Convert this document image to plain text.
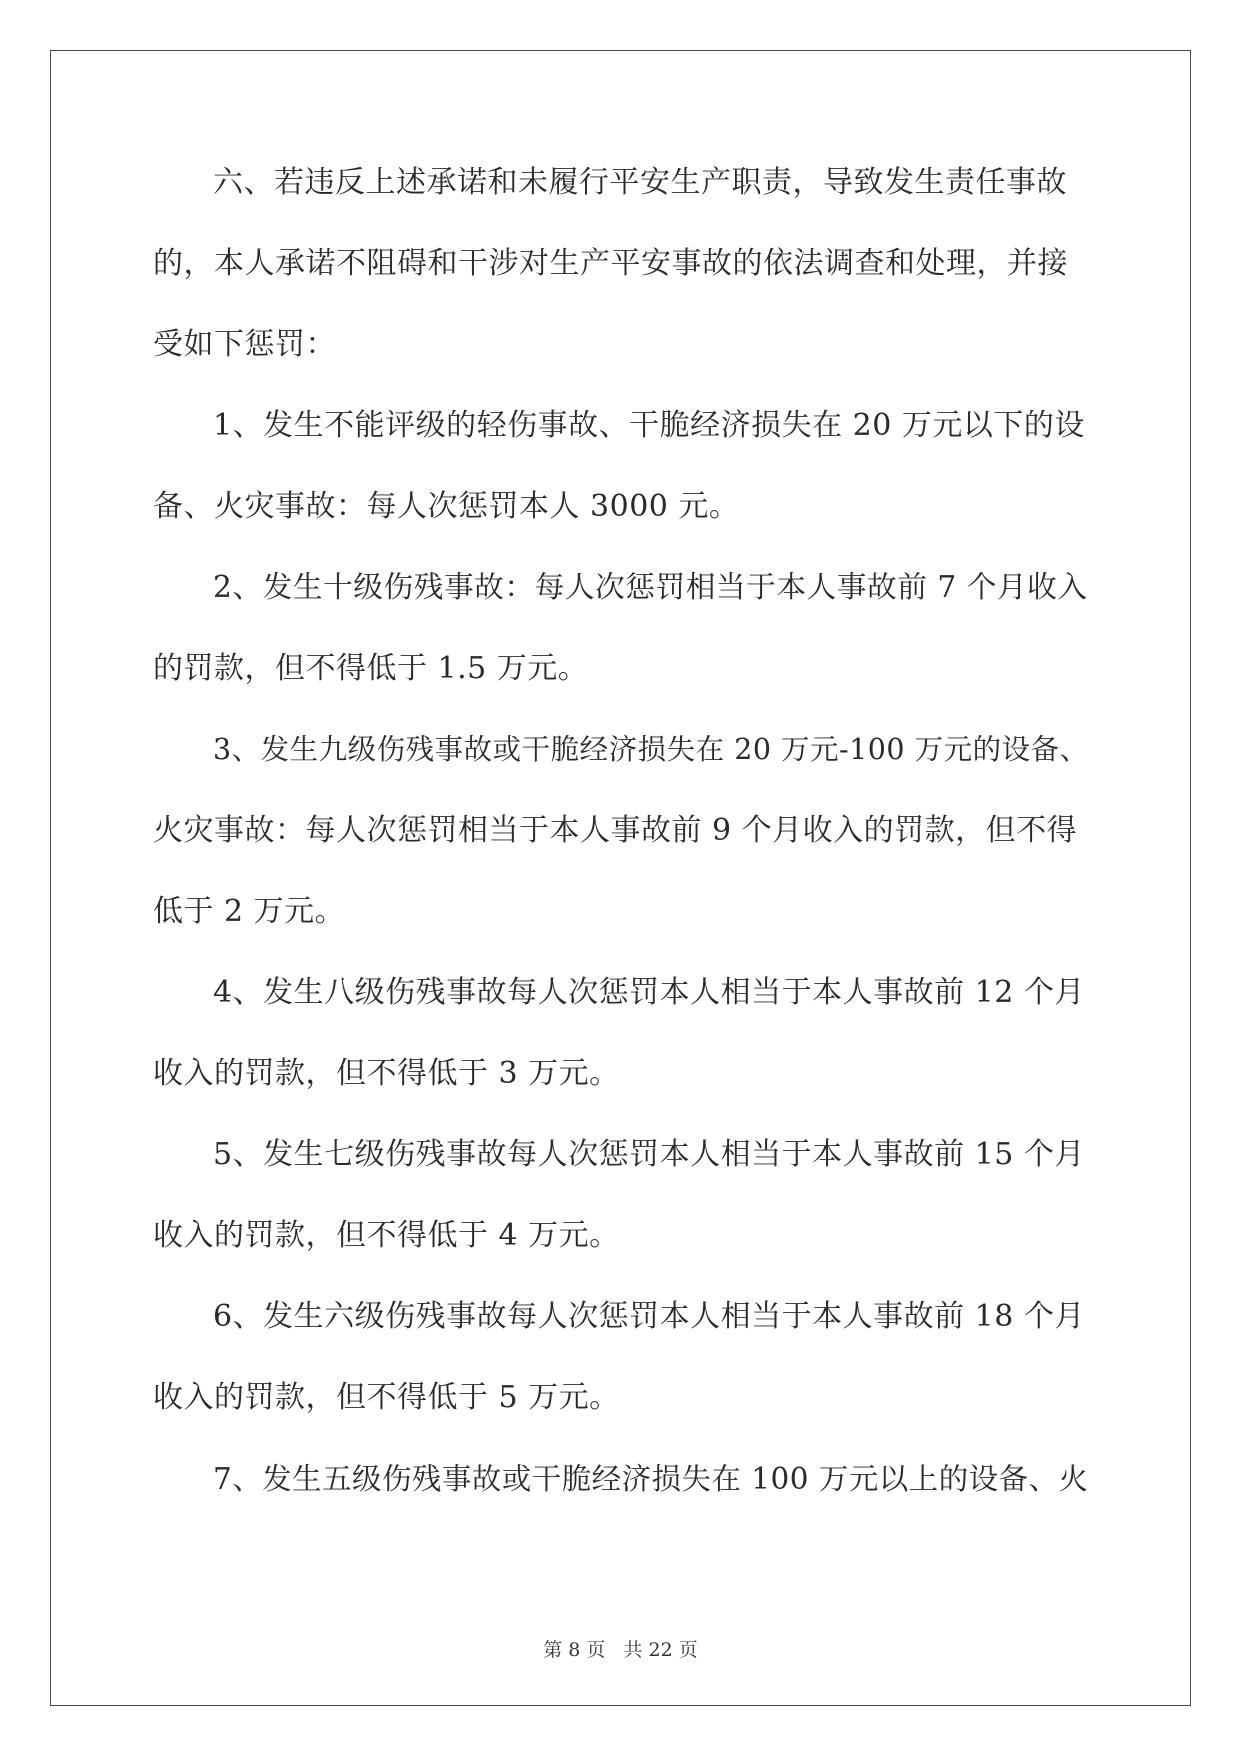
六、若违反上述承诺和未履行平安生产职责，导致发生责任事故
的，本人承诺不阻碍和干涉对生产平安事故的依法调查和处理，并接
受如下惩罚：
1、发生不能评级的轻伤事故、干脆经济损失在 20 万元以下的设
备、火灾事故：每人次惩罚本人 3000 元。
2、发生十级伤残事故：每人次惩罚相当于本人事故前 7 个月收入
的罚款，但不得低于 1.5 万元。
3、发生九级伤残事故或干脆经济损失在 20 万元-100 万元的设备、
火灾事故：每人次惩罚相当于本人事故前 9 个月收入的罚款，但不得
低于 2 万元。
4、发生八级伤残事故每人次惩罚本人相当于本人事故前 12 个月
收入的罚款，但不得低于 3 万元。
5、发生七级伤残事故每人次惩罚本人相当于本人事故前 15 个月
收入的罚款，但不得低于 4 万元。
6、发生六级伤残事故每人次惩罚本人相当于本人事故前 18 个月
收入的罚款，但不得低于 5 万元。
7、发生五级伤残事故或干脆经济损失在 100 万元以上的设备、火
第 8 页 共 22 页
